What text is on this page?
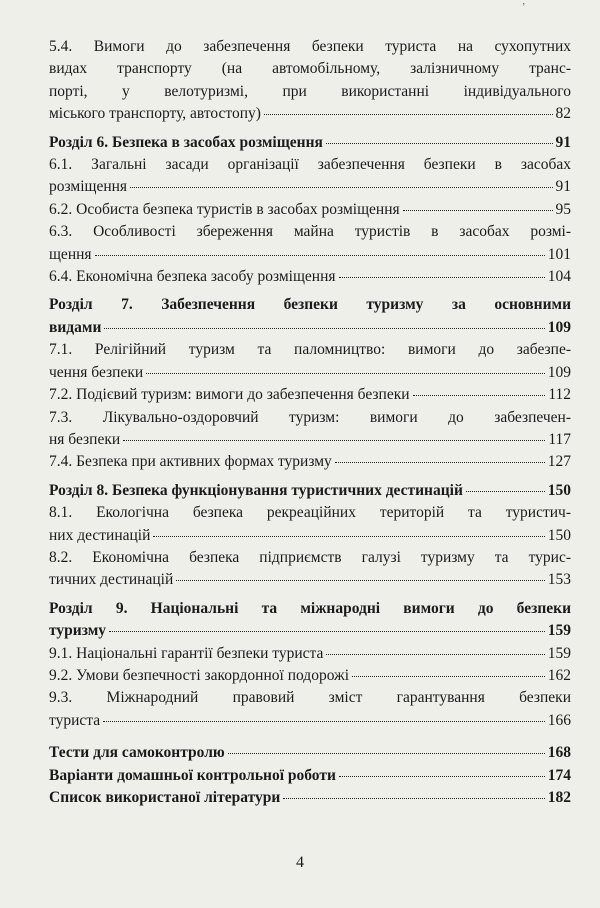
ʼ
5.4. Вимоги до забезпечення безпеки туриста на сухопутних
видах транспорту (на автомобільному, залізничному транс-
порті, у велотуризмі, при використанні індивідуального
міського транспорту, автостопу)	82
Розділ 6. Безпека в засобах розміщення	91
6.1. Загальні засади організації забезпечення безпеки в засобах
розміщення	91
6.2. Особиста безпека туристів в засобах розміщення	95
6.3. Особливості збереження майна туристів в засобах розмі-
щення	101
6.4. Економічна безпека засобу розміщення	104
Розділ 7. Забезпечення безпеки туризму за основними
видами	109
7.1. Релігійний туризм та паломництво: вимоги до забезпе-
чення безпеки	109
7.2. Подієвий туризм: вимоги до забезпечення безпеки	112
7.3. Лікувально-оздоровчий туризм: вимоги до забезпечен-
ня безпеки	117
7.4. Безпека при активних формах туризму	127
Розділ 8. Безпека функціонування туристичних дестинацій	150
8.1. Екологічна безпека рекреаційних територій та туристич-
них дестинацій	150
8.2. Економічна безпека підприємств галузі туризму та турис-
тичних дестинацій	153
Розділ 9. Національні та міжнародні вимоги до безпеки
туризму	159
9.1. Національні гарантії безпеки туриста	159
9.2. Умови безпечності закордонної подорожі	162
9.3. Міжнародний правовий зміст гарантування безпеки
туриста	166
Тести для самоконтролю	168
Варіанти домашньої контрольної роботи	174
Список використаної літератури	182
4
